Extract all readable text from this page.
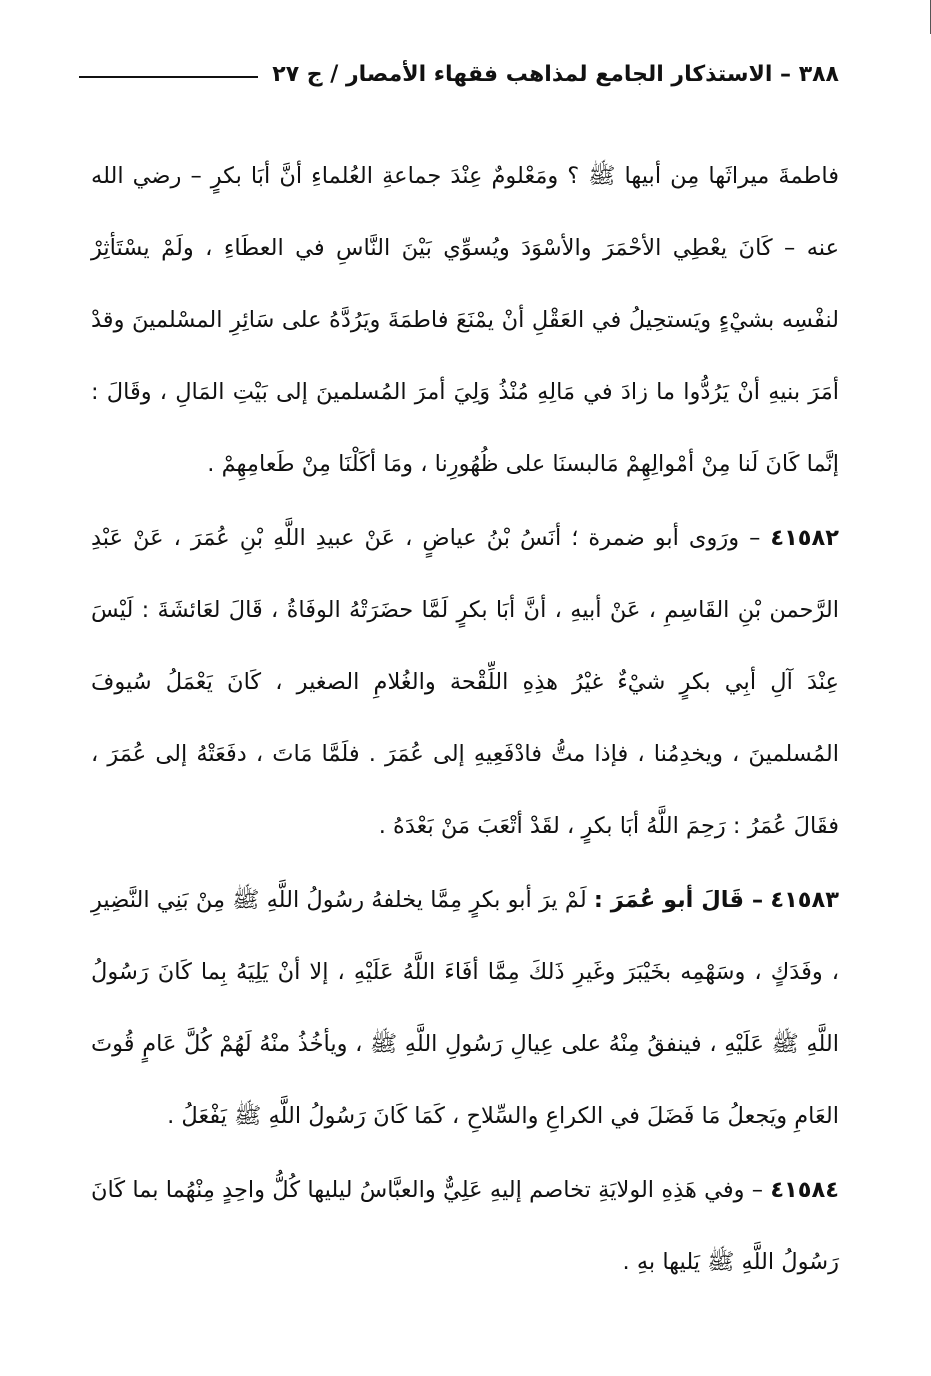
٣٨٨ – الاستذكار الجامع لمذاهب فقهاء الأمصار / ج ٢٧

فاطمةَ ميراثَها مِن أبيها ﷺ ؟ ومَعْلومٌ عِنْدَ جماعةِ العُلماءِ أنَّ أبَا بكرٍ – رضي الله عنه – كَانَ يعْطِي الأحْمَرَ والأسْوَدَ ويُسوِّي بَيْنَ النَّاسِ في العطَاءِ ، ولَمْ يسْتَأثِرْ لنفْسِه بشيْءٍ ويَستحِيلُ في العَقْلِ أنْ يمْنَعَ فاطمَةَ ويَرُدَّهُ على سَائِرِ المسْلمينَ وقدْ أمَرَ بنيهِ أنْ يَرُدُّوا ما زادَ في مَالِهِ مُنْذُ وَلِيَ أمرَ المُسلمينَ إلى بَيْتِ المَالِ ، وقَالَ : إنَّما كَانَ لَنا مِنْ أمْوالِهِمْ مَالبسنَا على ظُهُورِنا ، ومَا أكَلْنَا مِنْ طَعامِهِمْ .

٤١٥٨٢ – ورَوى أبو ضمرة ؛ أنَسُ بْنُ عياضٍ ، عَنْ عبيدِ اللَّهِ بْنِ عُمَرَ ، عَنْ عَبْدِ الرَّحمن بْنِ القَاسِمِ ، عَنْ أبيهِ ، أنَّ أبَا بكرٍ لَمَّا حضَرَتْهُ الوفَاةُ ، قَالَ لعَائشَةَ : لَيْسَ عِنْدَ آلِ أبِي بكرٍ شيْءٌ غيْرُ هذِهِ اللِّقْحة والغُلامِ الصغير ، كَانَ يَعْمَلُ سُيوفَ المُسلمينَ ، ويخدِمُنا ، فإذا متُّ فادْفَعِيهِ إلى عُمَرَ . فلَمَّا مَاتَ ، دفَعَتْهُ إلى عُمَرَ ، فقَالَ عُمَرُ : رَحِمَ اللَّهُ أبَا بكرٍ ، لقَدْ أتْعَبَ مَنْ بَعْدَهُ .

٤١٥٨٣ – قَالَ أبو عُمَرَ : لَمْ يرَ أبو بكرٍ مِمَّا يخلفهُ رسُولُ اللَّهِ ﷺ مِنْ بَنِي النَّضِيرِ ، وفَدَكٍ ، وسَهْمِه بخَيْبَرَ وغَيرِ ذَلكَ مِمَّا أفَاءَ اللَّهُ عَلَيْهِ ، إلا أنْ يَلِيَهُ بِما كَانَ رَسُولُ اللَّهِ ﷺ عَلَيْهِ ، فينفقُ مِنْهُ على عِيالِ رَسُولِ اللَّهِ ﷺ ، ويأخُذُ منْهُ لَهُمْ كُلَّ عَامٍ قُوتَ العَامِ ويَجعلُ مَا فَضَلَ في الكراعِ والسِّلاحِ ، كَمَا كَانَ رَسُولُ اللَّهِ ﷺ يَفْعَلُ .

٤١٥٨٤ – وفي هَذِهِ الولايَةِ تخاصم إليهِ عَلِيٌّ والعبَّاسُ ليليها كُلُّ واحِدٍ مِنْهُما بما كَانَ رَسُولُ اللَّهِ ﷺ يَليها بهِ .
